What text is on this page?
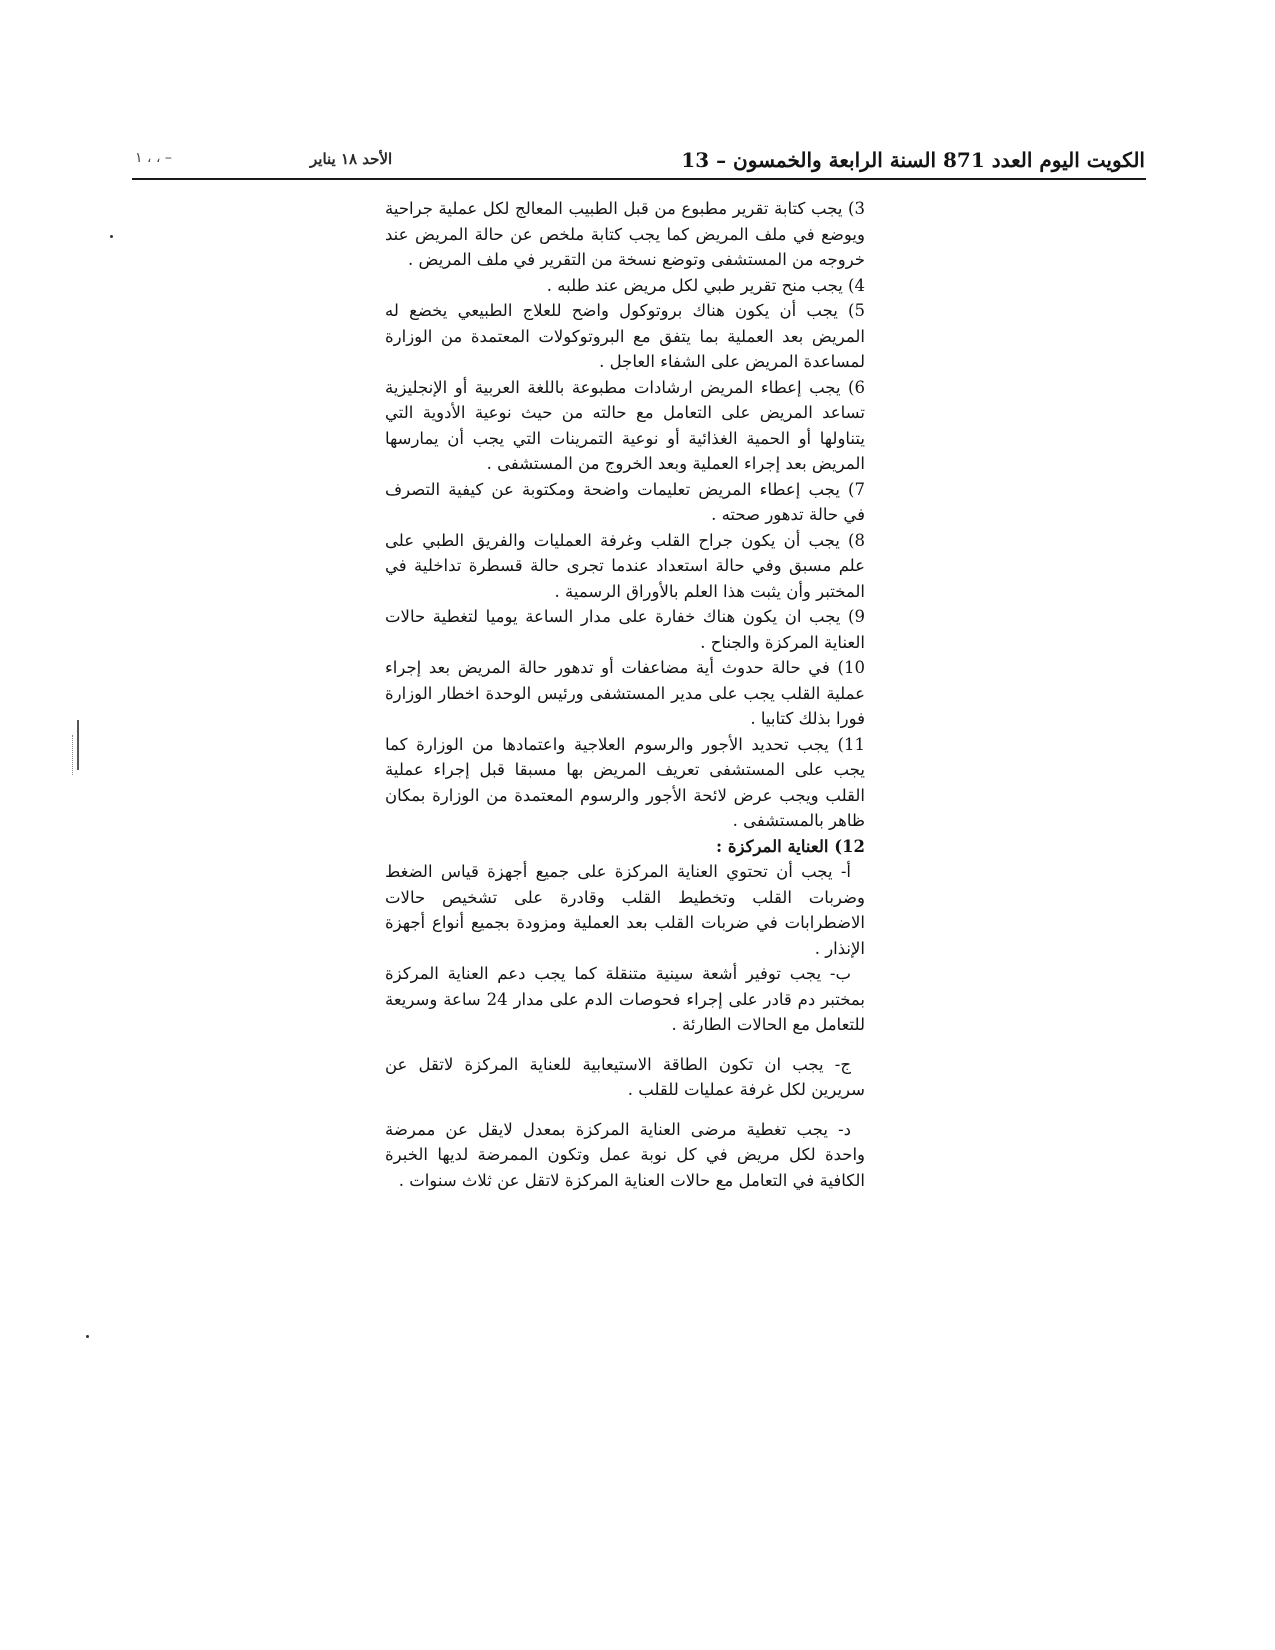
الكويت اليوم العدد 871 السنة الرابعة والخمسون – 13
الأحد ١٨ يناير
١ ، ، –

3) يجب كتابة تقرير مطبوع من قبل الطبيب المعالج لكل عملية جراحية ويوضع في ملف المريض كما يجب كتابة ملخص عن حالة المريض عند خروجه من المستشفى وتوضع نسخة من التقرير في ملف المريض .

4) يجب منح تقرير طبي لكل مريض عند طلبه .

5) يجب أن يكون هناك بروتوكول واضح للعلاج الطبيعي يخضع له المريض بعد العملية بما يتفق مع البروتوكولات المعتمدة من الوزارة لمساعدة المريض على الشفاء العاجل .

6) يجب إعطاء المريض ارشادات مطبوعة باللغة العربية أو الإنجليزية تساعد المريض على التعامل مع حالته من حيث نوعية الأدوية التي يتناولها أو الحمية الغذائية أو نوعية التمرينات التي يجب أن يمارسها المريض بعد إجراء العملية وبعد الخروج من المستشفى .

7) يجب إعطاء المريض تعليمات واضحة ومكتوبة عن كيفية التصرف في حالة تدهور صحته .

8) يجب أن يكون جراح القلب وغرفة العمليات والفريق الطبي على علم مسبق وفي حالة استعداد عندما تجرى حالة قسطرة تداخلية في المختبر وأن يثبت هذا العلم بالأوراق الرسمية .

9) يجب ان يكون هناك خفارة على مدار الساعة يوميا لتغطية حالات العناية المركزة والجناح .

10) في حالة حدوث أية مضاعفات أو تدهور حالة المريض بعد إجراء عملية القلب يجب على مدير المستشفى ورئيس الوحدة اخطار الوزارة فورا بذلك كتابيا .

11) يجب تحديد الأجور والرسوم العلاجية واعتمادها من الوزارة كما يجب على المستشفى تعريف المريض بها مسبقا قبل إجراء عملية القلب ويجب عرض لائحة الأجور والرسوم المعتمدة من الوزارة بمكان ظاهر بالمستشفى .

12) العناية المركزة :

أ- يجب أن تحتوي العناية المركزة على جميع أجهزة قياس الضغط وضربات القلب وتخطيط القلب وقادرة على تشخيص حالات الاضطرابات في ضربات القلب بعد العملية ومزودة بجميع أنواع أجهزة الإنذار .

ب- يجب توفير أشعة سينية متنقلة كما يجب دعم العناية المركزة بمختبر دم قادر على إجراء فحوصات الدم على مدار 24 ساعة وسريعة للتعامل مع الحالات الطارئة .

ج- يجب ان تكون الطاقة الاستيعابية للعناية المركزة لاتقل عن سريرين لكل غرفة عمليات للقلب .

د- يجب تغطية مرضى العناية المركزة بمعدل لايقل عن ممرضة واحدة لكل مريض في كل نوبة عمل وتكون الممرضة لديها الخبرة الكافية في التعامل مع حالات العناية المركزة لاتقل عن ثلاث سنوات .
